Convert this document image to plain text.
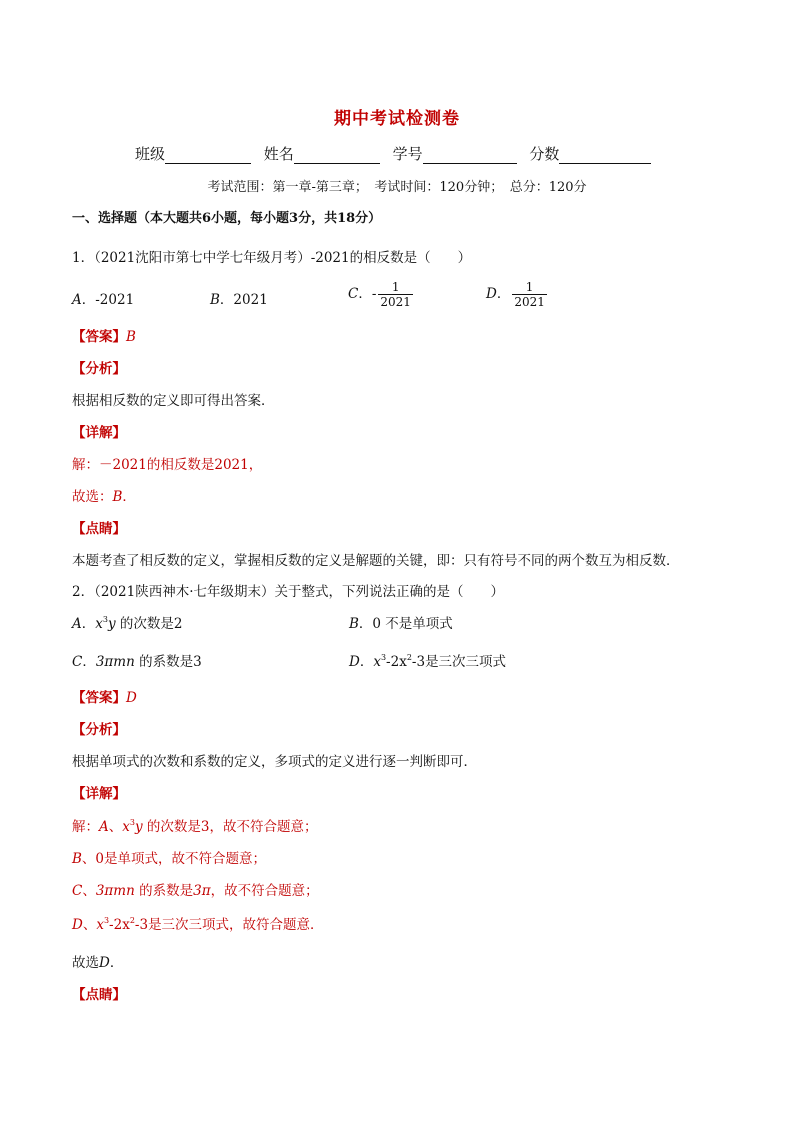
期中考试检测卷
班级	姓名	学号	分数
考试范围：第一章-第三章；　考试时间：120分钟；　总分：120分
一、选择题（本大题共6小题，每小题3分，共18分）
1．（2021沈阳市第七中学七年级月考）-2021的相反数是（　　）
A．-2021	B．2021	C．- $\frac{1}{2021}$	D． $\frac{1}{2021}$
【答案】B
【分析】
根据相反数的定义即可得出答案．
【详解】
解：－2021的相反数是2021，
故选：B．
【点睛】
本题考查了相反数的定义，掌握相反数的定义是解题的关键，即：只有符号不同的两个数互为相反数．
2．（2021陕西神木·七年级期末）关于整式，下列说法正确的是（　　）
A．$x^3y$ 的次数是2	B．0 不是单项式
C．3πmn 的系数是3	D．$x^3-2x^2-3$是三次三项式
【答案】D
【分析】
根据单项式的次数和系数的定义，多项式的定义进行逐一判断即可．
【详解】
解：A、$x^3y$ 的次数是3，故不符合题意；
B、0是单项式，故不符合题意；
C、3πmn 的系数是3π，故不符合题意；
D、$x^3-2x^2-3$是三次三项式，故符合题意．
故选D．
【点睛】
